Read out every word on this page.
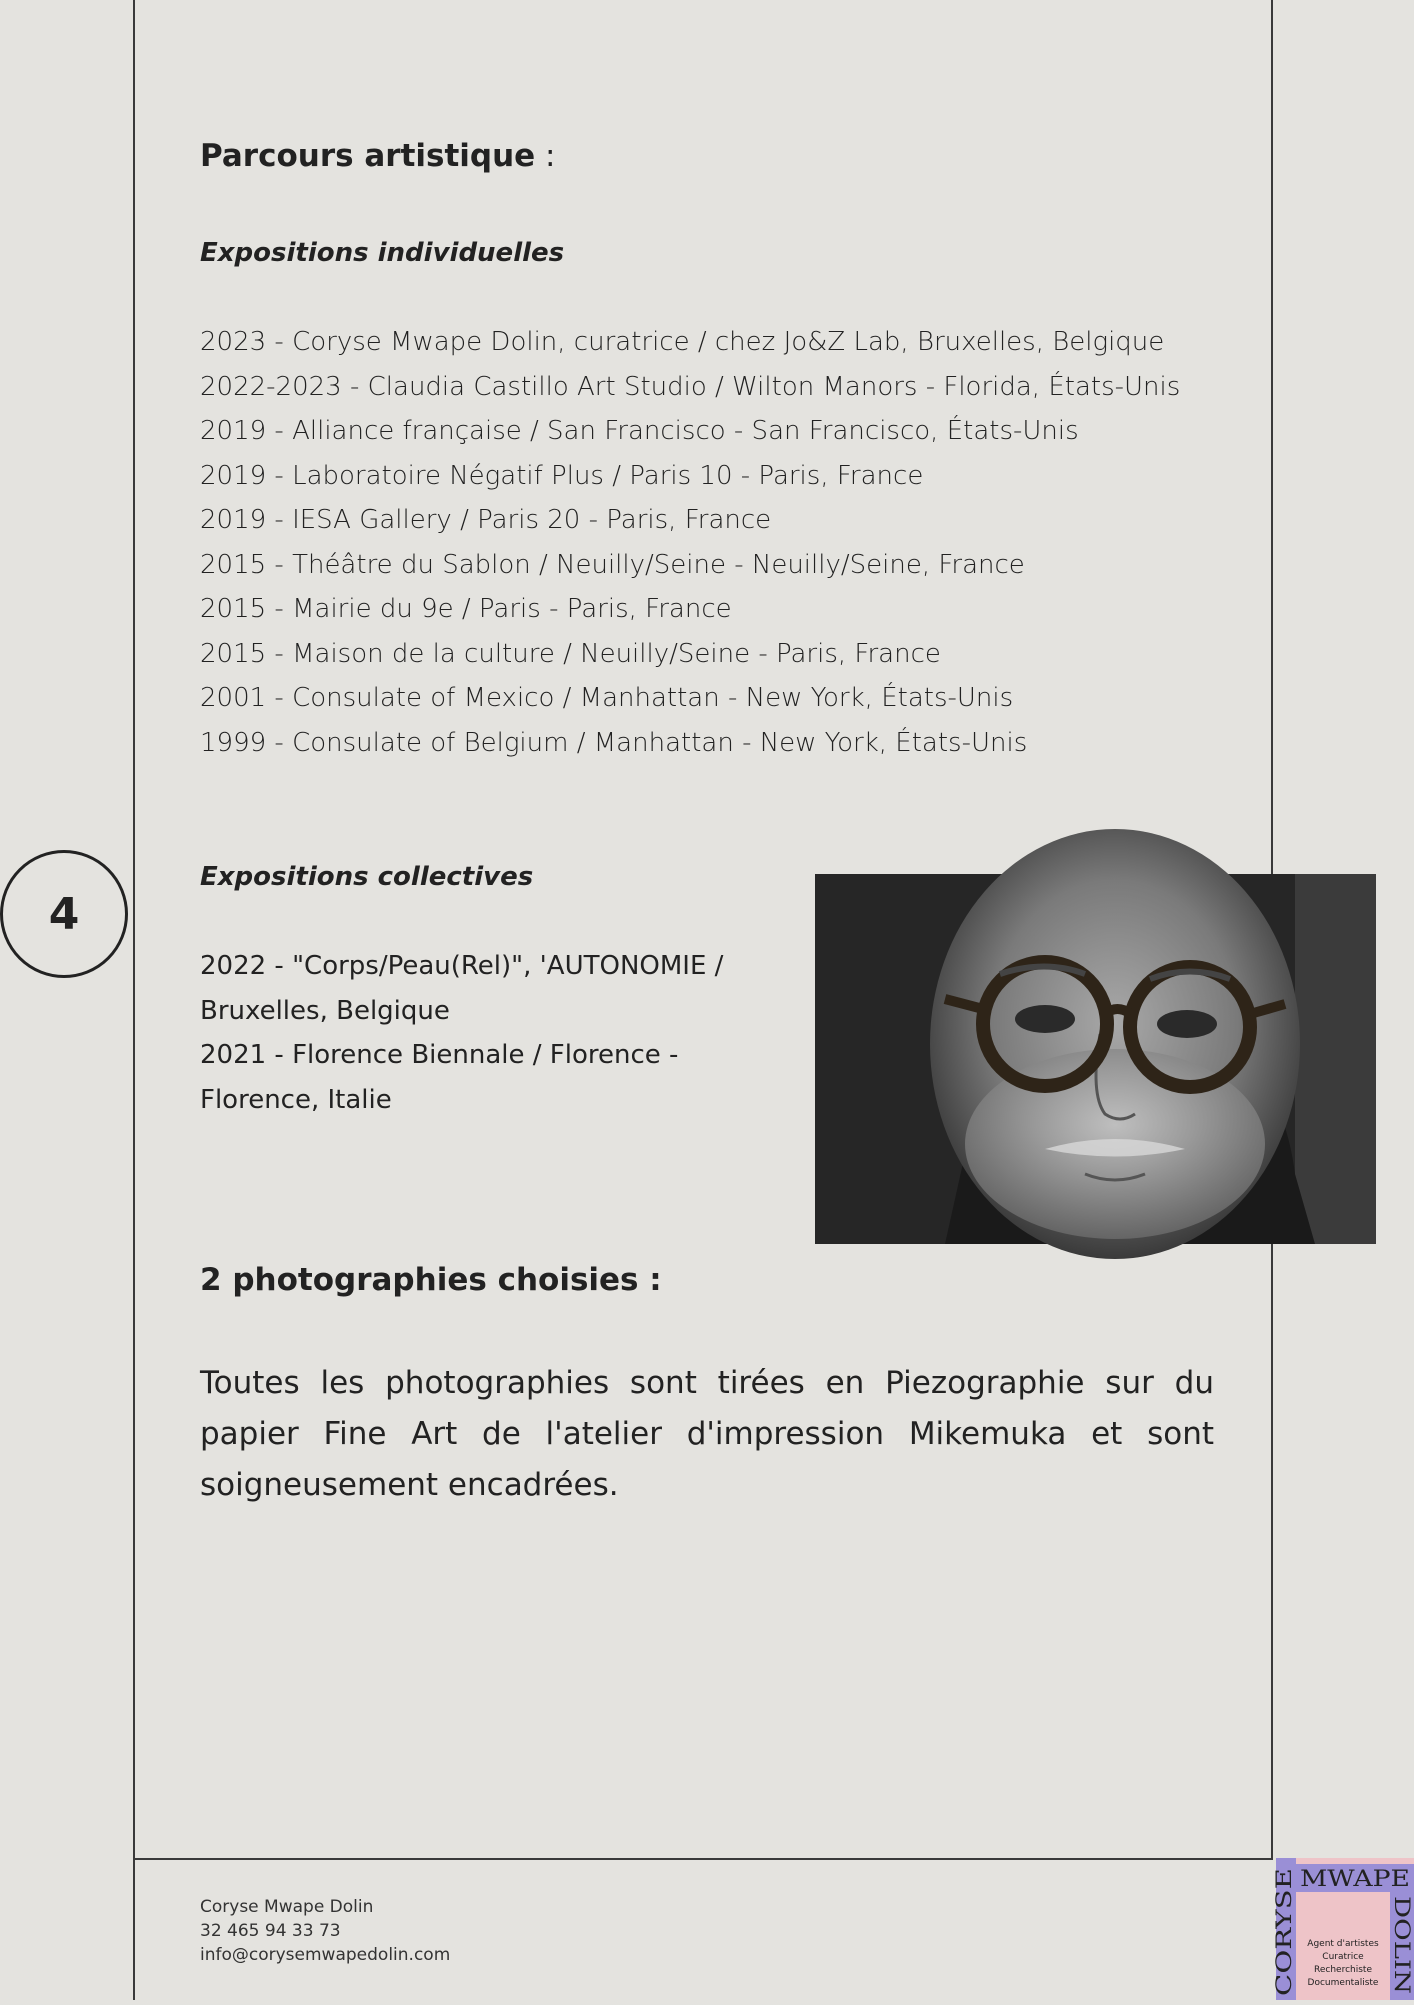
4
Parcours artistique :
Expositions individuelles
2023 - Coryse Mwape Dolin, curatrice / chez Jo&Z Lab, Bruxelles, Belgique
2022-2023 - Claudia Castillo Art Studio / Wilton Manors - Florida, États-Unis
2019 - Alliance française / San Francisco - San Francisco, États-Unis
2019 - Laboratoire Négatif Plus / Paris 10 - Paris, France
2019 - IESA Gallery / Paris 20 - Paris, France
2015 - Théâtre du Sablon / Neuilly/Seine - Neuilly/Seine, France
2015 - Mairie du 9e / Paris - Paris, France
2015 - Maison de la culture / Neuilly/Seine - Paris, France
2001 - Consulate of Mexico / Manhattan - New York, États-Unis
1999 - Consulate of Belgium / Manhattan - New York, États-Unis
Expositions collectives
2022 - "Corps/Peau(Rel)", 'AUTONOMIE / Bruxelles, Belgique
2021 - Florence Biennale / Florence - Florence, Italie
2 photographies choisies :

Toutes les photographies sont tirées en Piezographie sur du papier Fine Art de l'atelier d'impression Mikemuka et sont soigneusement encadrées.

Coryse Mwape Dolin
32 465 94 33 73
info@corysemwapedolin.com	CORYSE
MWAPE
DOLIN
Agent d'artistes
Curatrice
Recherchiste
Documentaliste
